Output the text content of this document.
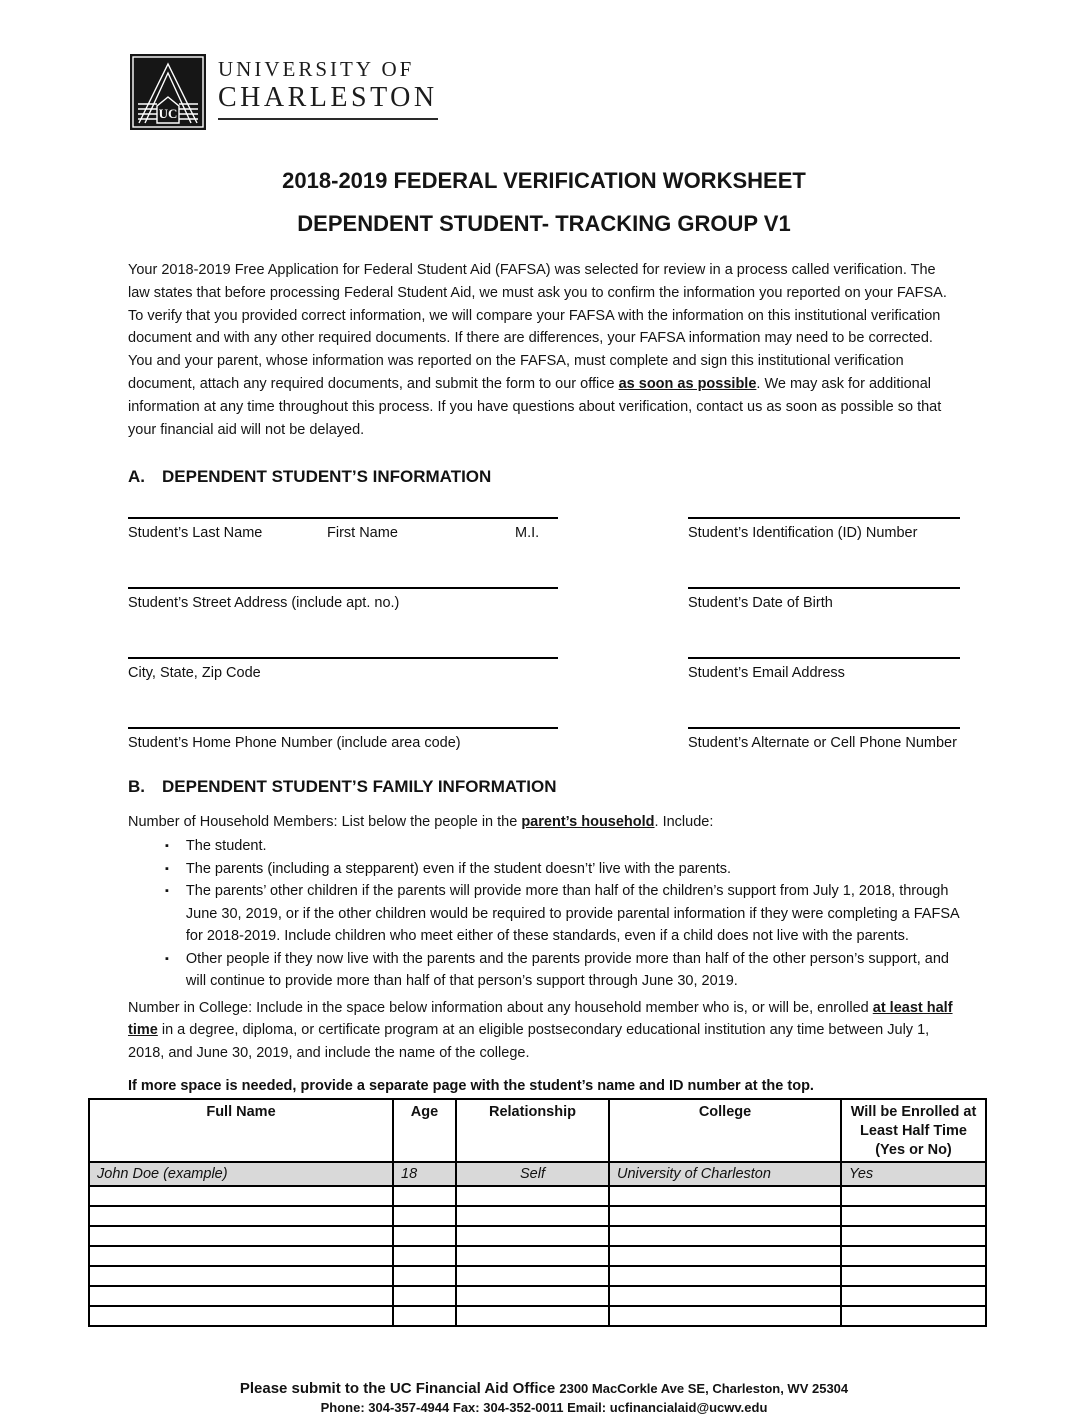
UC
UNIVERSITY OF
CHARLESTON
2018-2019 FEDERAL VERIFICATION WORKSHEET
DEPENDENT STUDENT- TRACKING GROUP V1

Your 2018-2019 Free Application for Federal Student Aid (FAFSA) was selected for review in a process called verification. The law states that before processing Federal Student Aid, we must ask you to confirm the information you reported on your FAFSA. To verify that you provided correct information, we will compare your FAFSA with the information on this institutional verification document and with any other required documents. If there are differences, your FAFSA information may need to be corrected. You and your parent, whose information was reported on the FAFSA, must complete and sign this institutional verification document, attach any required documents, and submit the form to our office as soon as possible. We may ask for additional information at any time throughout this process. If you have questions about verification, contact us as soon as possible so that your financial aid will not be delayed.

A.	DEPENDENT STUDENT’S INFORMATION
Student’s Last Name	First Name	M.I.	Student’s Identification (ID) Number
Student’s Street Address (include apt. no.)	Student’s Date of Birth
City, State, Zip Code	Student’s Email Address
Student’s Home Phone Number (include area code)	Student’s Alternate or Cell Phone Number
B.	DEPENDENT STUDENT’S FAMILY INFORMATION

Number of Household Members: List below the people in the parent’s household. Include:

▪ The student.
▪ The parents (including a stepparent) even if the student doesn’t’ live with the parents.
▪ The parents’ other children if the parents will provide more than half of the children’s support from July 1, 2018, through June 30, 2019, or if the other children would be required to provide parental information if they were completing a FAFSA for 2018-2019. Include children who meet either of these standards, even if a child does not live with the parents.
▪ Other people if they now live with the parents and the parents provide more than half of the other person’s support, and will continue to provide more than half of that person’s support through June 30, 2019.

Number in College: Include in the space below information about any household member who is, or will be, enrolled at least half time in a degree, diploma, or certificate program at an eligible postsecondary educational institution any time between July 1, 2018, and June 30, 2019, and include the name of the college.

If more space is needed, provide a separate page with the student’s name and ID number at the top.
Full Name	Age	Relationship	College	Will be Enrolled at Least Half Time (Yes or No)
John Doe (example)	18	Self	University of Charleston	Yes

Please submit to the UC Financial Aid Office 2300 MacCorkle Ave SE, Charleston, WV 25304
Phone: 304-357-4944 Fax: 304-352-0011 Email: ucfinancialaid@ucwv.edu
